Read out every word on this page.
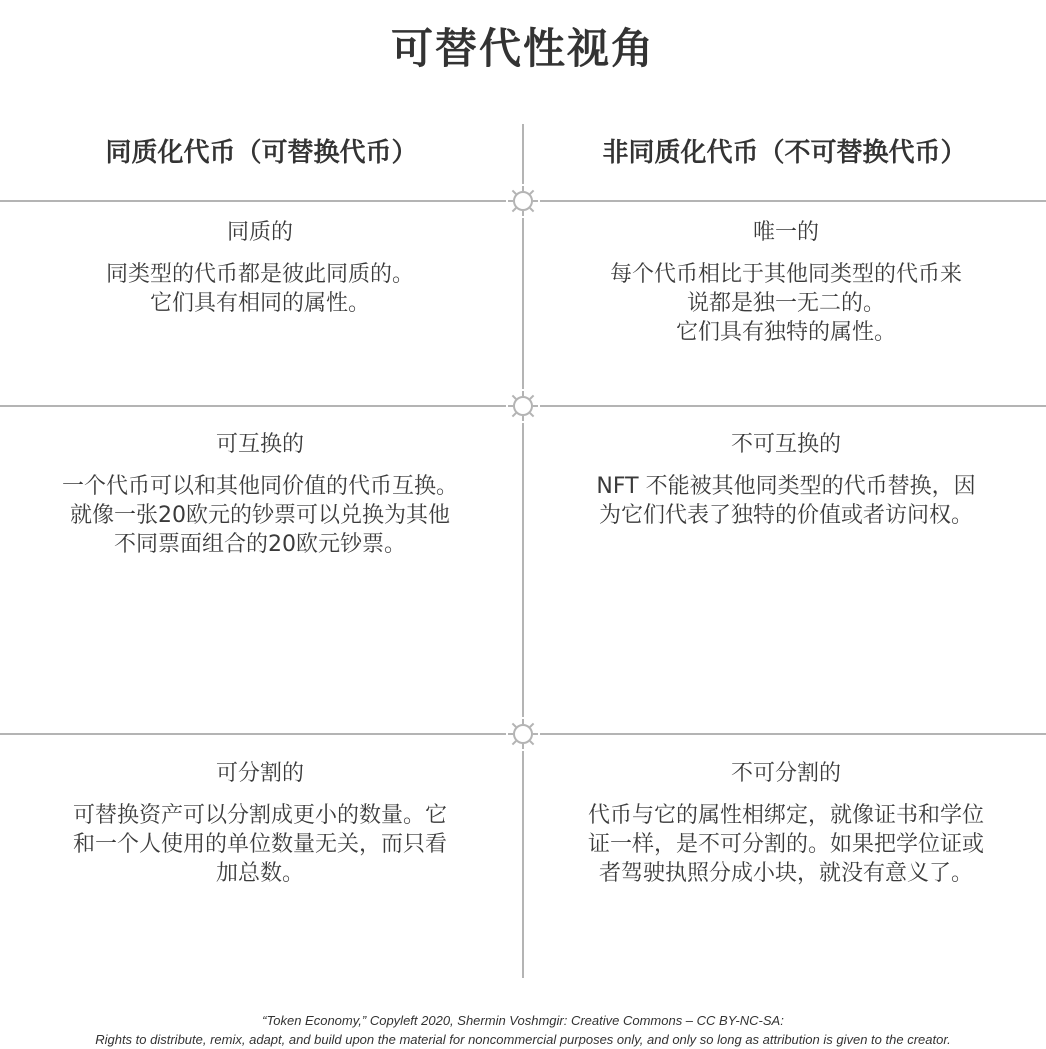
可替代性视角
同质化代币（可替换代币）	非同质化代币（不可替换代币）
同质的
同类型的代币都是彼此同质的。
它们具有相同的属性。
唯一的
每个代币相比于其他同类型的代币来
说都是独一无二的。
它们具有独特的属性。
可互换的
一个代币可以和其他同价值的代币互换。
就像一张20欧元的钞票可以兑换为其他
不同票面组合的20欧元钞票。
不可互换的
NFT 不能被其他同类型的代币替换，因
为它们代表了独特的价值或者访问权。
可分割的
可替换资产可以分割成更小的数量。它
和一个人使用的单位数量无关，而只看
加总数。
不可分割的
代币与它的属性相绑定，就像证书和学位
证一样，是不可分割的。如果把学位证或
者驾驶执照分成小块，就没有意义了。
“Token Economy,” Copyleft 2020, Shermin Voshmgir: Creative Commons – CC BY-NC-SA:
Rights to distribute, remix, adapt, and build upon the material for noncommercial purposes only, and only so long as attribution is given to the creator.
